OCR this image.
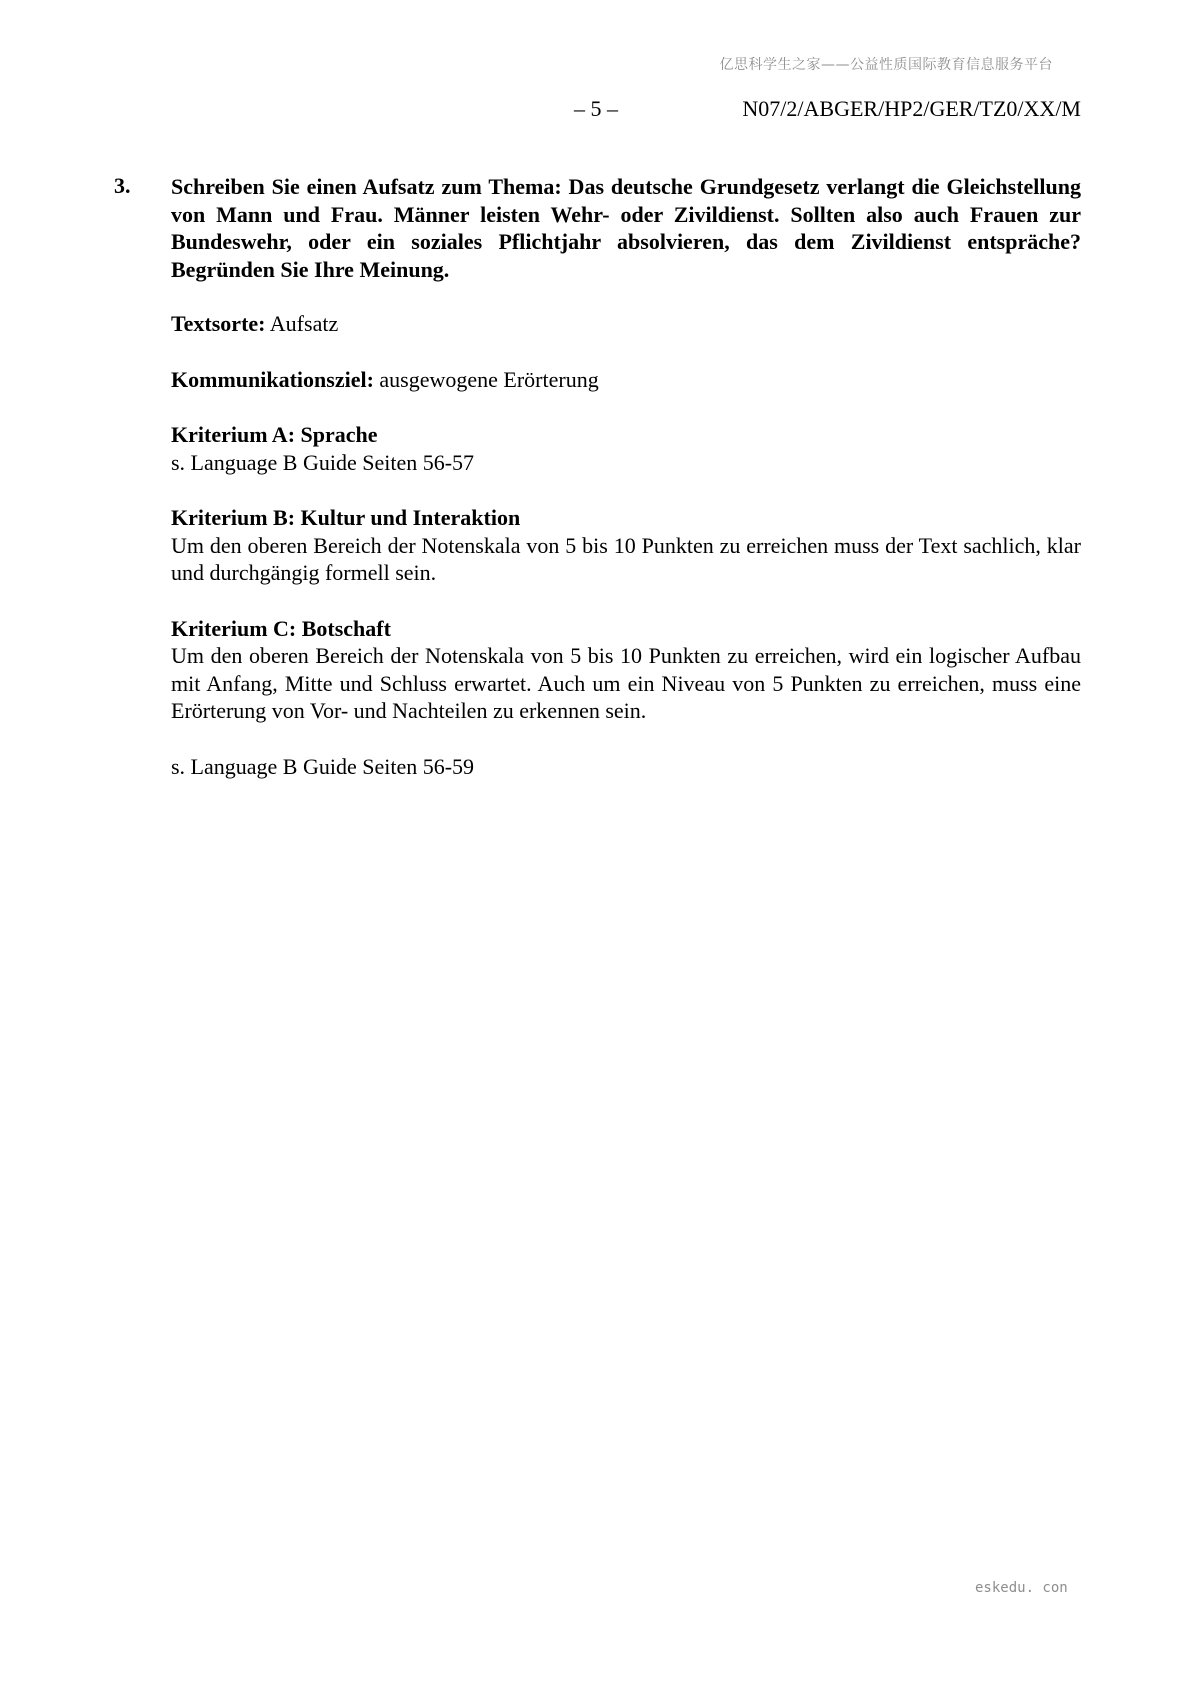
亿思科学生之家——公益性质国际教育信息服务平台
– 5 –	N07/2/ABGER/HP2/GER/TZ0/XX/M
3. Schreiben Sie einen Aufsatz zum Thema: Das deutsche Grundgesetz verlangt die Gleichstellung von Mann und Frau. Männer leisten Wehr- oder Zivildienst. Sollten also auch Frauen zur Bundeswehr, oder ein soziales Pflichtjahr absolvieren, das dem Zivildienst entspräche? Begründen Sie Ihre Meinung.

Textsorte: Aufsatz
Kommunikationsziel: ausgewogene Erörterung
Kriterium A: Sprache
s. Language B Guide Seiten 56-57
Kriterium B: Kultur und Interaktion
Um den oberen Bereich der Notenskala von 5 bis 10 Punkten zu erreichen muss der Text sachlich, klar und durchgängig formell sein.
Kriterium C: Botschaft
Um den oberen Bereich der Notenskala von 5 bis 10 Punkten zu erreichen, wird ein logischer Aufbau mit Anfang, Mitte und Schluss erwartet. Auch um ein Niveau von 5 Punkten zu erreichen, muss eine Erörterung von Vor- und Nachteilen zu erkennen sein.
s. Language B Guide Seiten 56-59
eskedu. con
